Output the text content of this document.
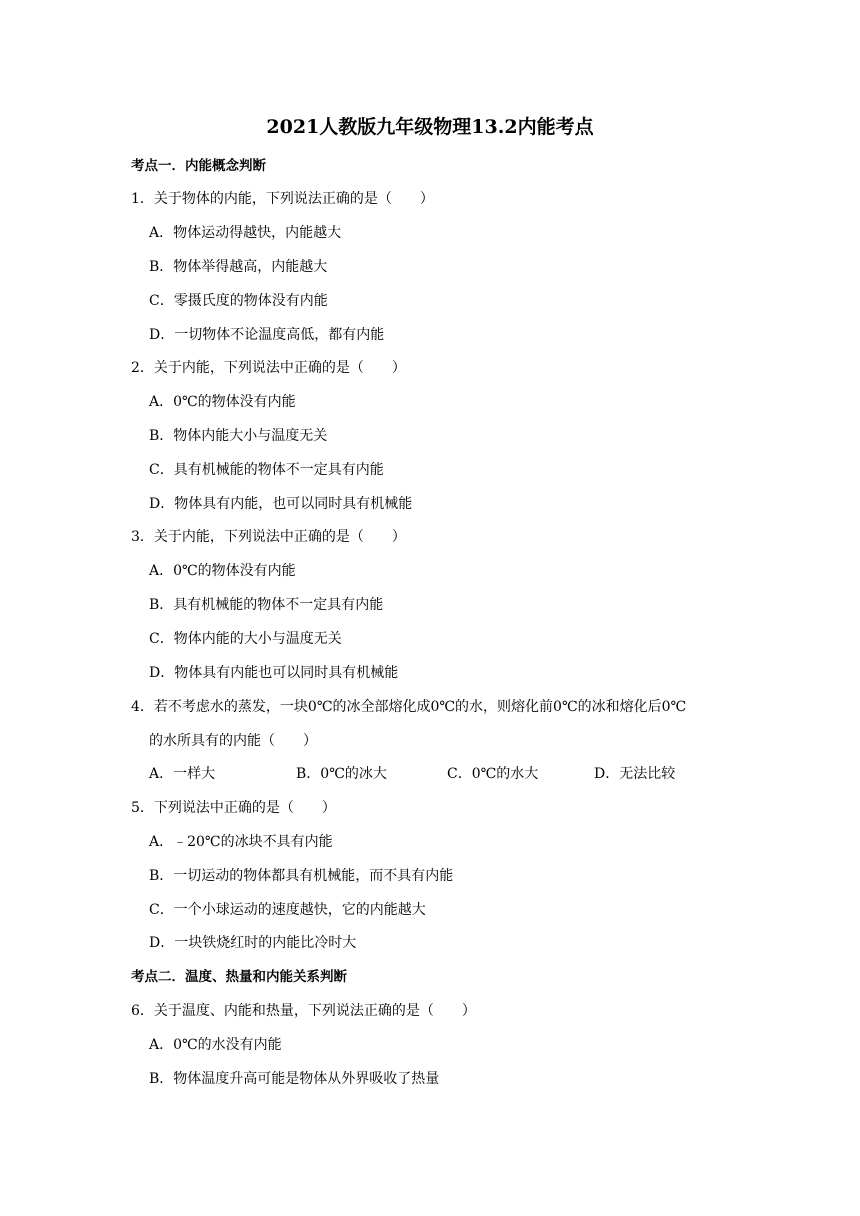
2021人教版九年级物理13.2内能考点
考点一．内能概念判断
1．关于物体的内能，下列说法正确的是（　　）
A．物体运动得越快，内能越大
B．物体举得越高，内能越大
C．零摄氏度的物体没有内能
D．一切物体不论温度高低，都有内能
2．关于内能，下列说法中正确的是（　　）
A．0℃的物体没有内能
B．物体内能大小与温度无关
C．具有机械能的物体不一定具有内能
D．物体具有内能，也可以同时具有机械能
3．关于内能，下列说法中正确的是（　　）
A．0℃的物体没有内能
B．具有机械能的物体不一定具有内能
C．物体内能的大小与温度无关
D．物体具有内能也可以同时具有机械能
4．若不考虑水的蒸发，一块0℃的冰全部熔化成0℃的水，则熔化前0℃的冰和熔化后0℃
的水所具有的内能（　　）
A．一样大	B．0℃的冰大	C．0℃的水大	D．无法比较
5．下列说法中正确的是（　　）
A．﹣20℃的冰块不具有内能
B．一切运动的物体都具有机械能，而不具有内能
C．一个小球运动的速度越快，它的内能越大
D．一块铁烧红时的内能比冷时大
考点二．温度、热量和内能关系判断
6．关于温度、内能和热量，下列说法正确的是（　　）
A．0℃的水没有内能
B．物体温度升高可能是物体从外界吸收了热量
